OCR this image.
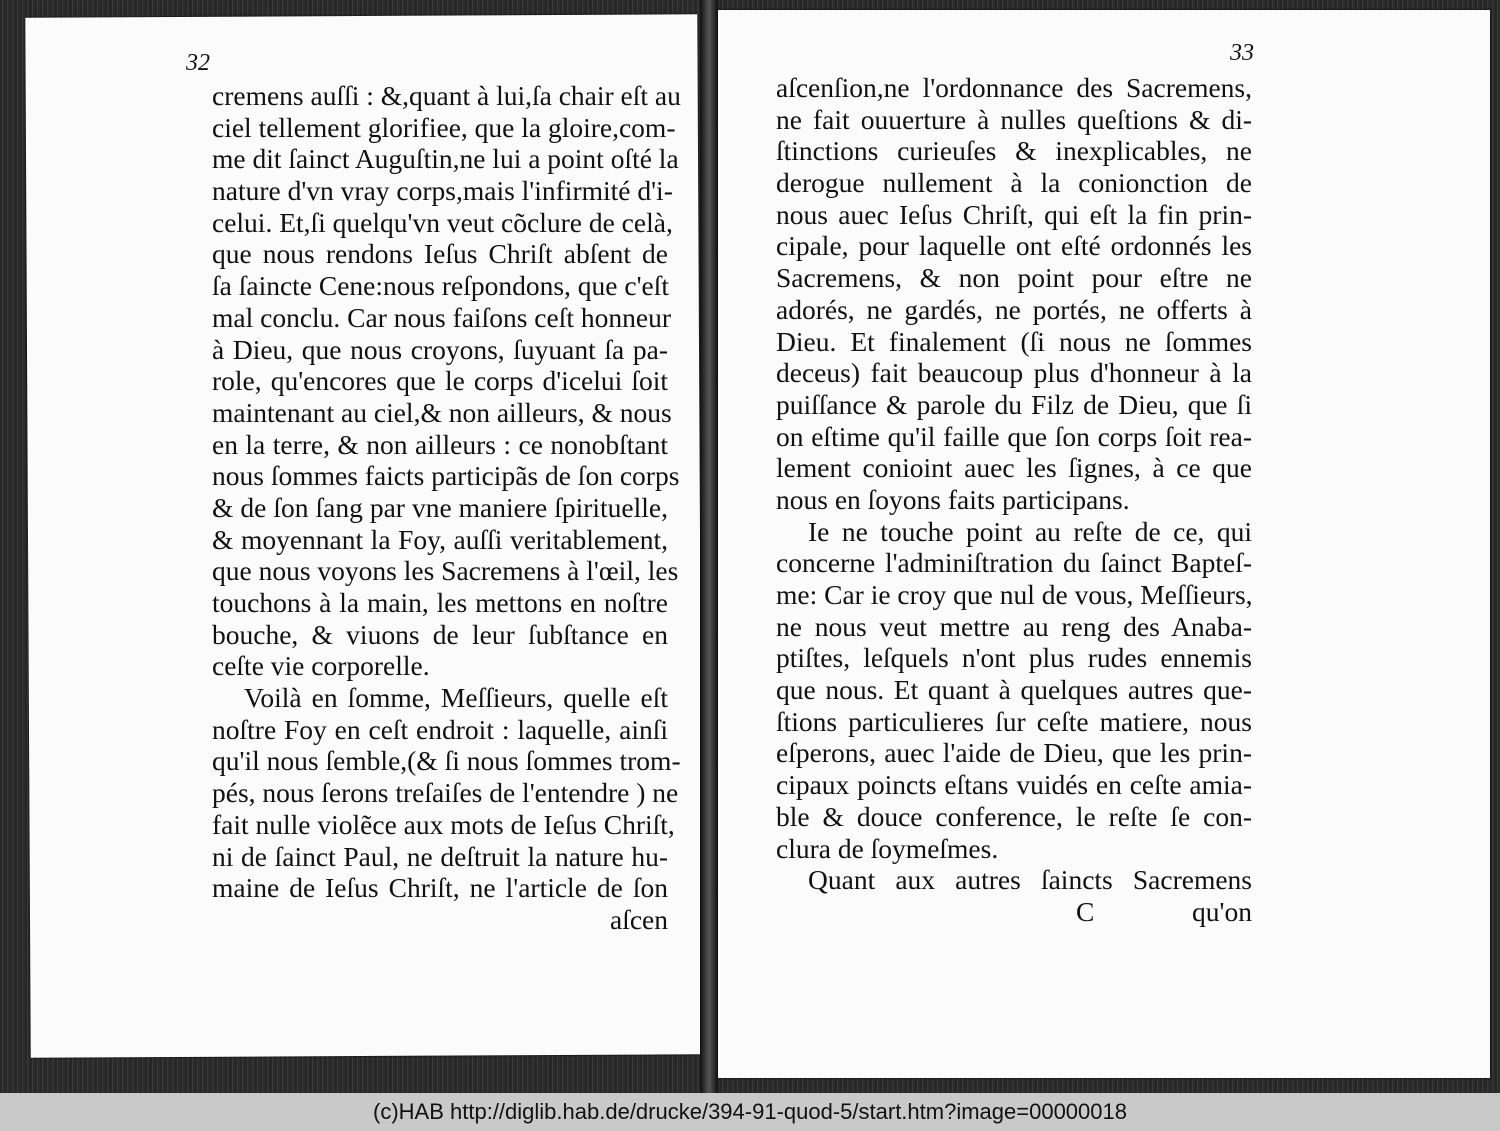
32
cremens auſſi : &,quant à lui,ſa chair eſt au
ciel tellement glorifiee, que la gloire,com-
me dit ſainct Auguſtin,ne lui a point oſté la
nature d'vn vray corps,mais l'infirmité d'i-
celui. Et,ſi quelqu'vn veut cõclure de celà,
que nous rendons Ieſus Chriſt abſent de
ſa ſaincte Cene:nous reſpondons, que c'eſt
mal conclu. Car nous faiſons ceſt honneur
à Dieu, que nous croyons, ſuyuant ſa pa-
role, qu'encores que le corps d'icelui ſoit
maintenant au ciel,& non ailleurs, & nous
en la terre, & non ailleurs : ce nonobſtant
nous ſommes faicts participãs de ſon corps
& de ſon ſang par vne maniere ſpirituelle,
& moyennant la Foy, auſſi veritablement,
que nous voyons les Sacremens à l'œil, les
touchons à la main, les mettons en noſtre
bouche, & viuons de leur ſubſtance en
ceſte vie corporelle.
Voilà en ſomme, Meſſieurs, quelle eſt
noſtre Foy en ceſt endroit : laquelle, ainſi
qu'il nous ſemble,(& ſi nous ſommes trom-
pés, nous ſerons treſaiſes de l'entendre ) ne
fait nulle violẽce aux mots de Ieſus Chriſt,
ni de ſainct Paul, ne deſtruit la nature hu-
maine de Ieſus Chriſt, ne l'article de ſon
aſcen
33
aſcenſion,ne l'ordonnance des Sacremens,
ne fait ouuerture à nulles queſtions & di-
ſtinctions curieuſes & inexplicables, ne
derogue nullement à la conionction de
nous auec Ieſus Chriſt, qui eſt la fin prin-
cipale, pour laquelle ont eſté ordonnés les
Sacremens, & non point pour eſtre ne
adorés, ne gardés, ne portés, ne offerts à
Dieu. Et finalement (ſi nous ne ſommes
deceus) fait beaucoup plus d'honneur à la
puiſſance & parole du Filz de Dieu, que ſi
on eſtime qu'il faille que ſon corps ſoit rea-
lement conioint auec les ſignes, à ce que
nous en ſoyons faits participans.
Ie ne touche point au reſte de ce, qui
concerne l'adminiſtration du ſainct Bapteſ-
me: Car ie croy que nul de vous, Meſſieurs,
ne nous veut mettre au reng des Anaba-
ptiſtes, leſquels n'ont plus rudes ennemis
que nous. Et quant à quelques autres que-
ſtions particulieres ſur ceſte matiere, nous
eſperons, auec l'aide de Dieu, que les prin-
cipaux poincts eſtans vuidés en ceſte amia-
ble & douce conference, le reſte ſe con-
clura de ſoymeſmes.
Quant aux autres ſaincts Sacremens
C	qu'on
(c)HAB http://diglib.hab.de/drucke/394-91-quod-5/start.htm?image=00000018
